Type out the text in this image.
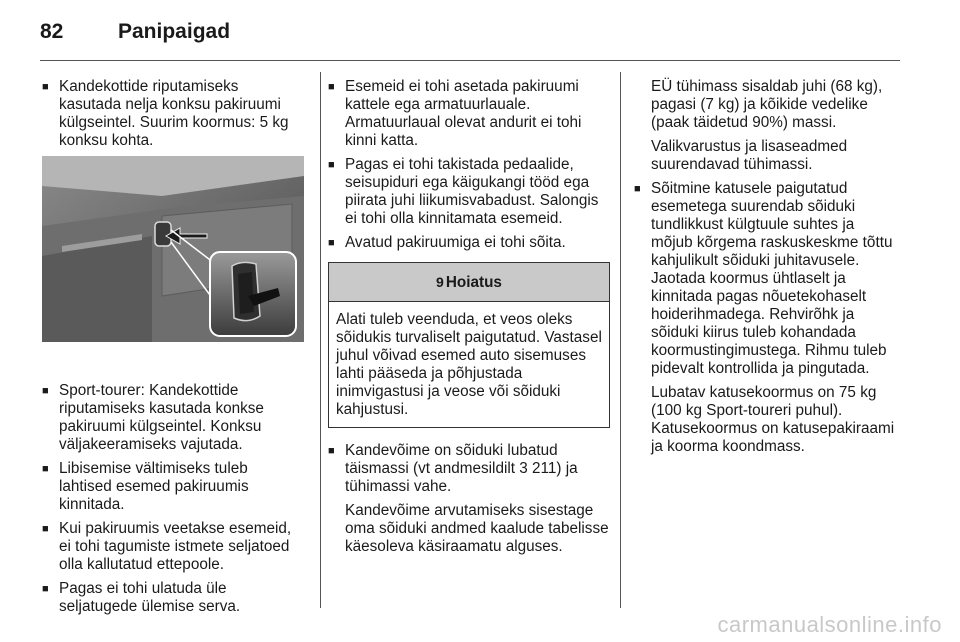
82	Panipaigad
■ Kandekottide riputamiseks kasutada nelja konksu pakiruumi külgseintel. Suurim koormus: 5 kg konksu kohta.
■ Sport-tourer: Kandekottide riputamiseks kasutada konkse pakiruumi külgseintel. Konksu väljakeeramiseks vajutada.
■ Libisemise vältimiseks tuleb lahtised esemed pakiruumis kinnitada.
■ Kui pakiruumis veetakse esemeid, ei tohi tagumiste istmete seljatoed olla kallutatud ettepoole.
■ Pagas ei tohi ulatuda üle seljatugede ülemise serva.
■ Esemeid ei tohi asetada pakiruumi kattele ega armatuurlauale. Armatuurlaual olevat andurit ei tohi kinni katta.
■ Pagas ei tohi takistada pedaalide, seisupiduri ega käigukangi tööd ega piirata juhi liikumisvabadust. Salongis ei tohi olla kinnitamata esemeid.
■ Avatud pakiruumiga ei tohi sõita.
9 Hoiatus
Alati tuleb veenduda, et veos oleks sõidukis turvaliselt paigutatud. Vastasel juhul võivad esemed auto sisemuses lahti pääseda ja põhjustada inimvigastusi ja veose või sõiduki kahjustusi.
■ Kandevõime on sõiduki lubatud täismassi (vt andmesildilt 3 211) ja tühimassi vahe.
Kandevõime arvutamiseks sisestage oma sõiduki andmed kaalude tabelisse käesoleva käsiraamatu alguses.
EÜ tühimass sisaldab juhi (68 kg), pagasi (7 kg) ja kõikide vedelike (paak täidetud 90%) massi.
Valikvarustus ja lisaseadmed suurendavad tühimassi.
■ Sõitmine katusele paigutatud esemetega suurendab sõiduki tundlikkust külgtuule suhtes ja mõjub kõrgema raskuskeskme tõttu kahjulikult sõiduki juhitavusele. Jaotada koormus ühtlaselt ja kinnitada pagas nõuetekohaselt hoiderihmadega. Rehvirõhk ja sõiduki kiirus tuleb kohandada koormustingimustega. Rihmu tuleb pidevalt kontrollida ja pingutada.
Lubatav katusekoormus on 75 kg (100 kg Sport-toureri puhul). Katusekoormus on katusepakiraami ja koorma koondmass.
carmanualsonline.info
